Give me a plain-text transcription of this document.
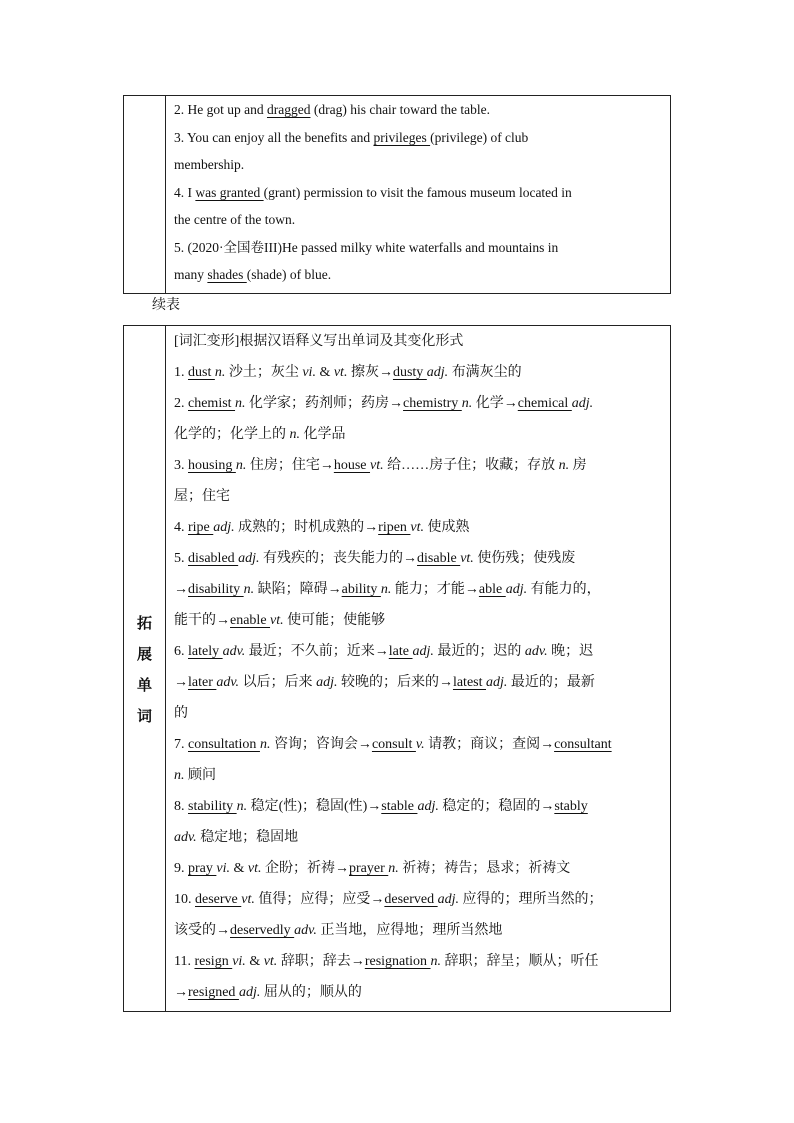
2. He got up and dragged (drag) his chair toward the table.
3. You can enjoy all the benefits and privileges (privilege) of club
membership.
4. I was granted (grant) permission to visit the famous museum located in
the centre of the town.
5. (2020·全国卷III)He passed milky white waterfalls and mountains in
many shades (shade) of blue.
续表
拓
展
单
词
[词汇变形]根据汉语释义写出单词及其变化形式
1. dust n. 沙土；灰尘 vi. & vt. 擦灰→dusty adj. 布满灰尘的
2. chemist n. 化学家；药剂师；药房→chemistry n. 化学→chemical adj.
化学的；化学上的 n. 化学品
3. housing n. 住房；住宅→house vt. 给……房子住；收藏；存放 n. 房
屋；住宅
4. ripe adj. 成熟的；时机成熟的→ripen vt. 使成熟
5. disabled adj. 有残疾的；丧失能力的→disable vt. 使伤残；使残废
→disability n. 缺陷；障碍→ability n. 能力；才能→able adj. 有能力的，
能干的→enable vt. 使可能；使能够
6. lately adv. 最近；不久前；近来→late adj. 最近的；迟的 adv. 晚；迟
→later adv. 以后；后来 adj. 较晚的；后来的→latest adj. 最近的；最新
的
7. consultation n. 咨询；咨询会→consult v. 请教；商议；查阅→consultant
n. 顾问
8. stability n. 稳定(性)；稳固(性)→stable adj. 稳定的；稳固的→stably
adv. 稳定地；稳固地
9. pray vi. & vt. 企盼；祈祷→prayer n. 祈祷；祷告；恳求；祈祷文
10. deserve vt. 值得；应得；应受→deserved adj. 应得的；理所当然的；
该受的→deservedly adv. 正当地，应得地；理所当然地
11. resign vi. & vt. 辞职；辞去→resignation n. 辞职；辞呈；顺从；听任
→resigned adj. 屈从的；顺从的
